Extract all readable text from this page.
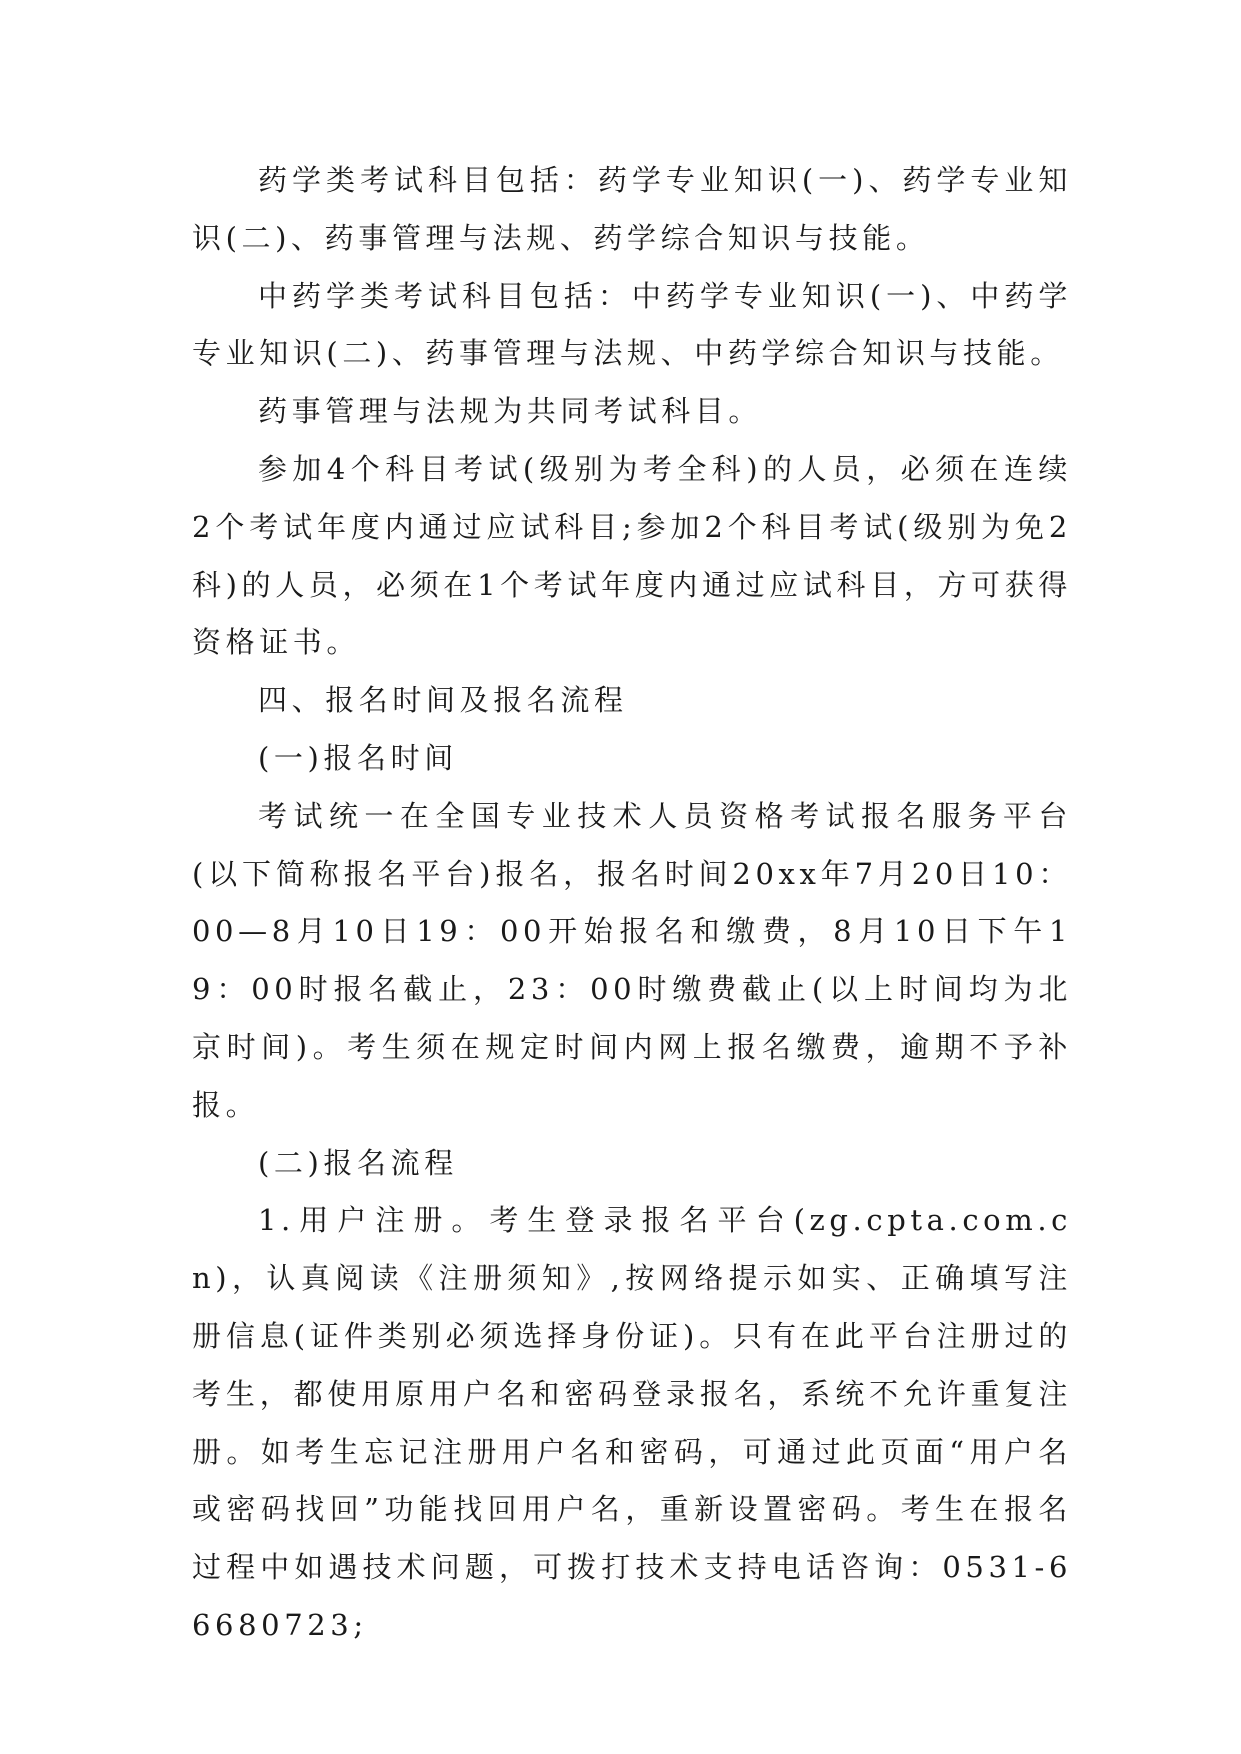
药学类考试科目包括：药学专业知识(一)、药学专业知识(二)、药事管理与法规、药学综合知识与技能。

中药学类考试科目包括：中药学专业知识(一)、中药学专业知识(二)、药事管理与法规、中药学综合知识与技能。

药事管理与法规为共同考试科目。

参加4个科目考试(级别为考全科)的人员，必须在连续2个考试年度内通过应试科目;参加2个科目考试(级别为免2科)的人员，必须在1个考试年度内通过应试科目，方可获得资格证书。

四、报名时间及报名流程

(一)报名时间

考试统一在全国专业技术人员资格考试报名服务平台(以下简称报名平台)报名，报名时间20xx年7月20日10：00—8月10日19：00开始报名和缴费，8月10日下午19：00时报名截止，23：00时缴费截止(以上时间均为北京时间)。考生须在规定时间内网上报名缴费，逾期不予补报。

(二)报名流程

1.用户注册。考生登录报名平台(zg.cpta.com.cn)，认真阅读《注册须知》,按网络提示如实、正确填写注册信息(证件类别必须选择身份证)。只有在此平台注册过的考生，都使用原用户名和密码登录报名，系统不允许重复注册。如考生忘记注册用户名和密码，可通过此页面“用户名或密码找回”功能找回用户名，重新设置密码。考生在报名过程中如遇技术问题，可拨打技术支持电话咨询：0531-66680723;
